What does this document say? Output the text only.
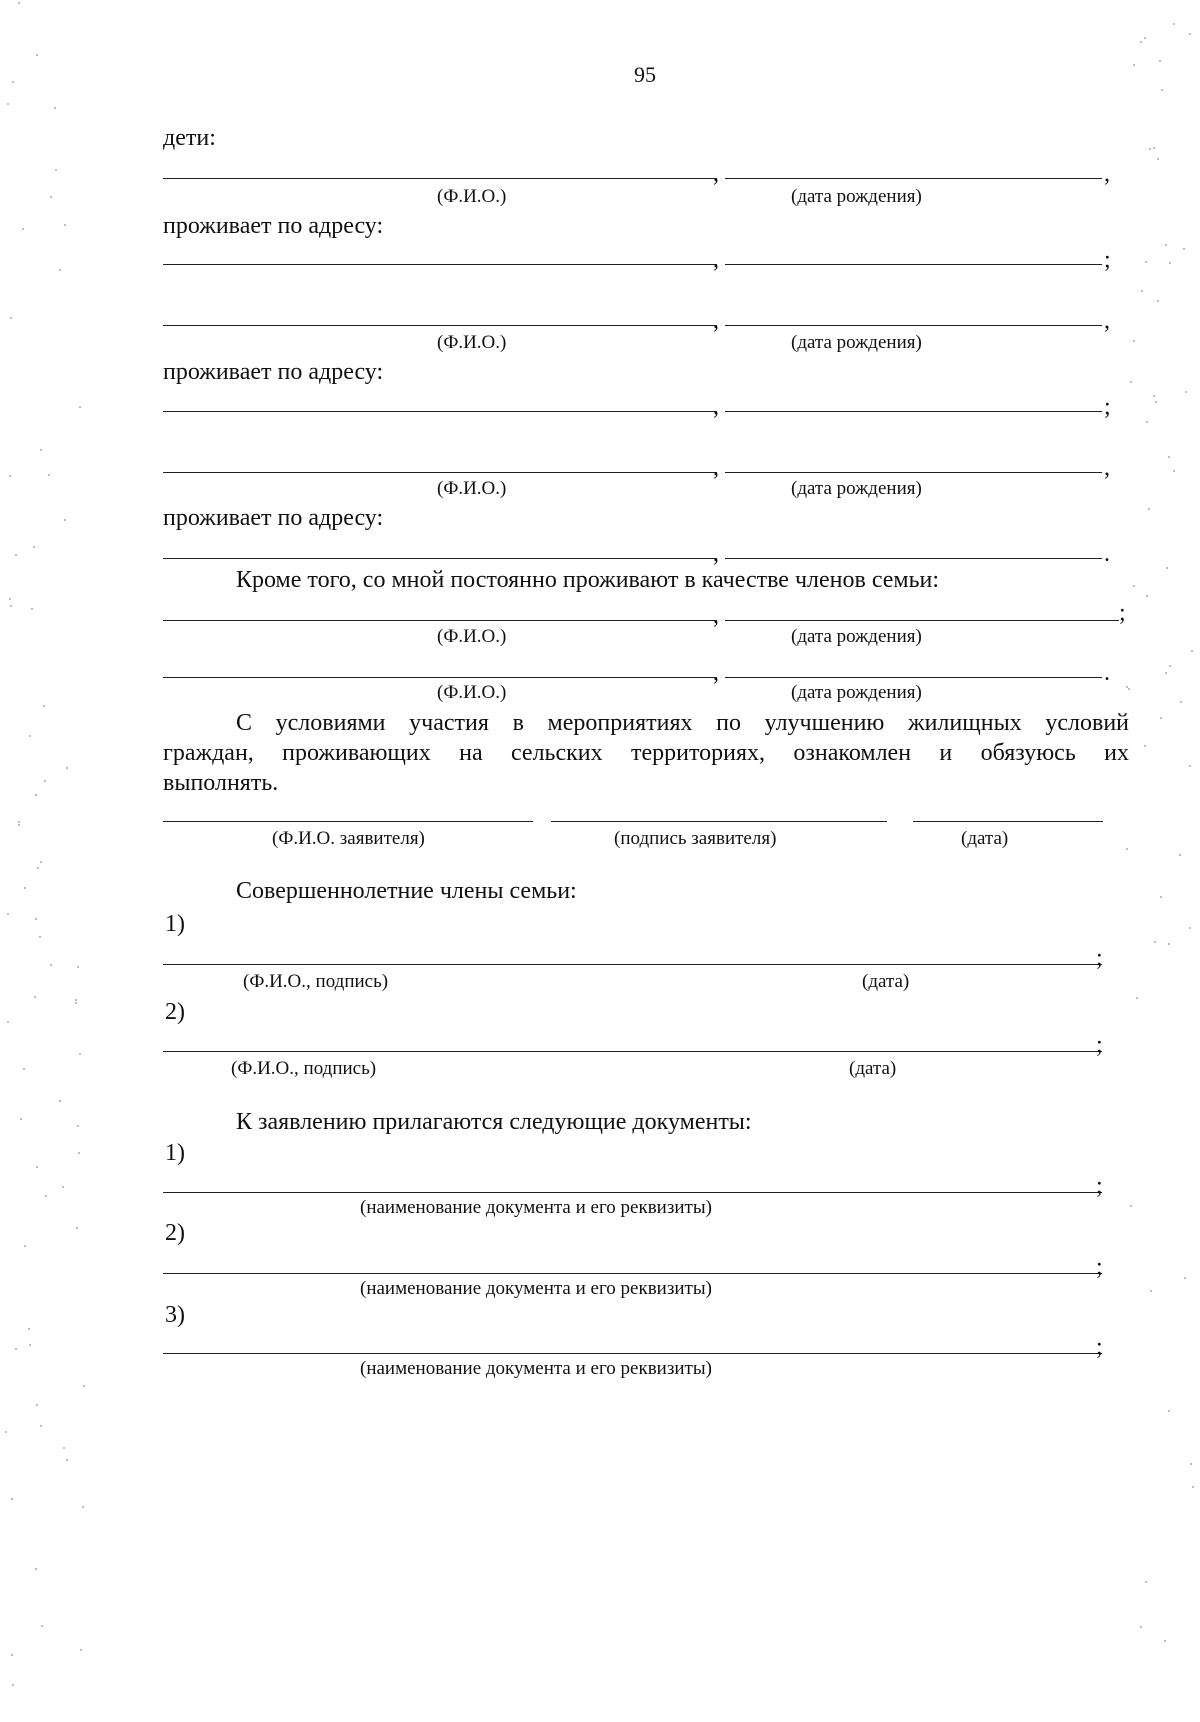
95
дети:
,	,
(Ф.И.О.)	(дата рождения)
проживает по адресу:
,	;
,	,
(Ф.И.О.)	(дата рождения)
проживает по адресу:
,	;
,	,
(Ф.И.О.)	(дата рождения)
проживает по адресу:
,	.
Кроме того, со мной постоянно проживают в качестве членов семьи:
,	;
(Ф.И.О.)	(дата рождения)
,	.
(Ф.И.О.)	(дата рождения)
С условиями участия в мероприятиях по улучшению жилищных условий
граждан, проживающих на сельских территориях, ознакомлен и обязуюсь их
выполнять.
(Ф.И.О. заявителя)	(подпись заявителя)	(дата)
Совершеннолетние члены семьи:
1)
;
(Ф.И.О., подпись)	(дата)
2)
;
(Ф.И.О., подпись)	(дата)
К заявлению прилагаются следующие документы:
1)
;
(наименование документа и его реквизиты)
2)
;
(наименование документа и его реквизиты)
3)
;
(наименование документа и его реквизиты)
